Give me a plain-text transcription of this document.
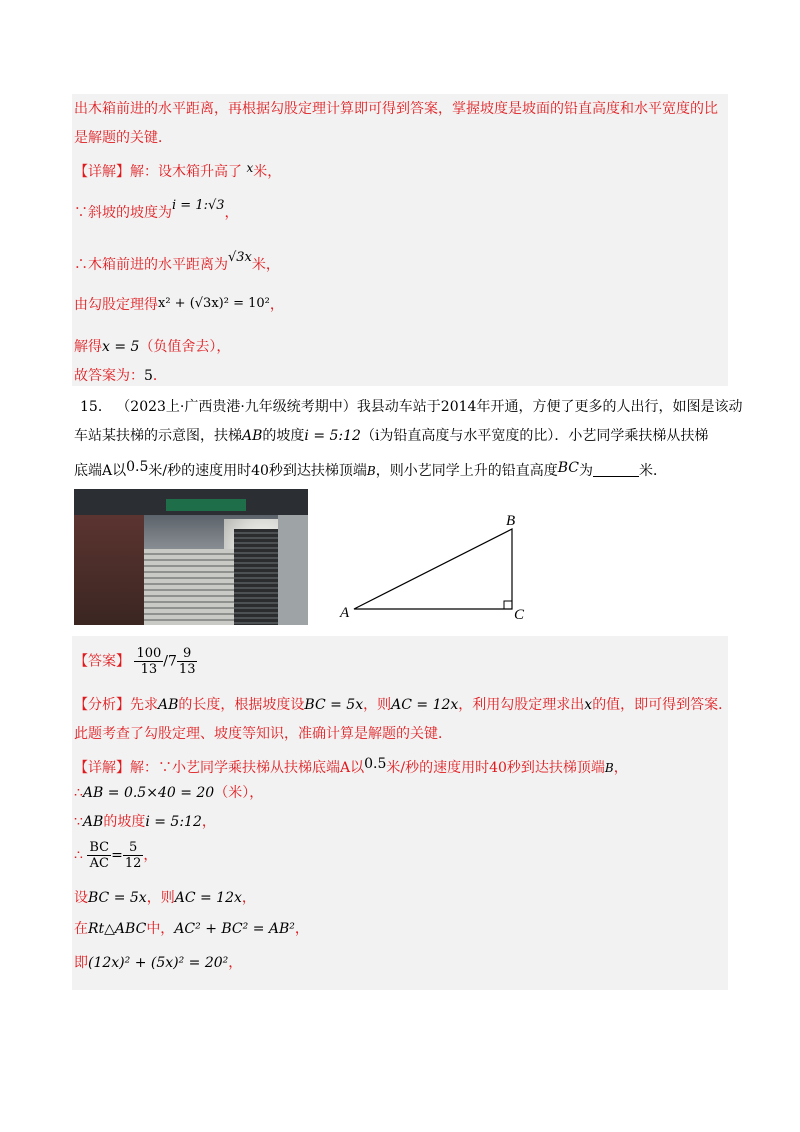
出木箱前进的水平距离，再根据勾股定理计算即可得到答案，掌握坡度是坡面的铅直高度和水平宽度的比
是解题的关键．
【详解】解：设木箱升高了 x米，
∵斜坡的坡度为i = 1:√3，
∴木箱前进的水平距离为√3x米，
由勾股定理得x² + (√3x)² = 10²，
解得x = 5（负值舍去），
故答案为：5．
15． （2023上·广西贵港·九年级统考期中）我县动车站于2014年开通，方便了更多的人出行，如图是该动
车站某扶梯的示意图，扶梯AB的坡度i = 5:12（i为铅直高度与水平宽度的比）．小艺同学乘扶梯从扶梯
底端A以0.5米/秒的速度用时40秒到达扶梯顶端B，则小艺同学上升的铅直高度BC为	米．
A
B
C
【答案】 $\frac{100}{13} /7 \frac{9}{13}$
【分析】先求AB的长度，根据坡度设BC = 5x，则AC = 12x，利用勾股定理求出x的值，即可得到答案．
此题考查了勾股定理、坡度等知识，准确计算是解题的关键．
【详解】解：∵小艺同学乘扶梯从扶梯底端A以0.5米/秒的速度用时40秒到达扶梯顶端B，
∴AB = 0.5×40 = 20（米），
∵AB的坡度i = 5:12，
∴ $\frac{BC}{AC} = \frac{5}{12}$ ，
设BC = 5x，则AC = 12x，
在Rt△ABC中，AC² + BC² = AB²，
即(12x)² + (5x)² = 20²，
